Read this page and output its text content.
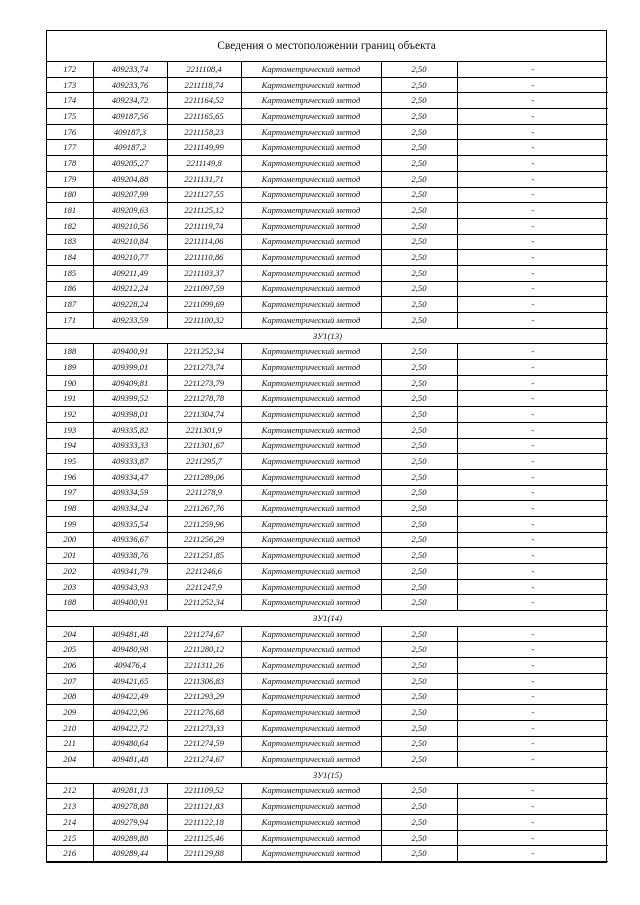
Сведения о местоположении границ объекта
172	409233,74	2211108,4	Картометрический метод	2,50	-
173	409233,76	2211118,74	Картометрический метод	2,50	-
174	409234,72	2211164,52	Картометрический метод	2,50	-
175	409187,56	2211165,65	Картометрический метод	2,50	-
176	409187,3	2211158,23	Картометрический метод	2,50	-
177	409187,2	2211149,99	Картометрический метод	2,50	-
178	409205,27	2211149,8	Картометрический метод	2,50	-
179	409204,88	2211131,71	Картометрический метод	2,50	-
180	409207,99	2211127,55	Картометрический метод	2,50	-
181	409209,63	2211125,12	Картометрический метод	2,50	-
182	409210,56	2211119,74	Картометрический метод	2,50	-
183	409210,84	2211114,06	Картометрический метод	2,50	-
184	409210,77	2211110,86	Картометрический метод	2,50	-
185	409211,49	2211103,37	Картометрический метод	2,50	-
186	409212,24	2211097,59	Картометрический метод	2,50	-
187	409228,24	2211099,69	Картометрический метод	2,50	-
171	409233,59	2211100,32	Картометрический метод	2,50	-
ЗУ1(13)					
188	409400,91	2211252,34	Картометрический метод	2,50	-
189	409399,01	2211273,74	Картометрический метод	2,50	-
190	409409,81	2211273,79	Картометрический метод	2,50	-
191	409399,52	2211278,78	Картометрический метод	2,50	-
192	409398,01	2211304,74	Картометрический метод	2,50	-
193	409335,82	2211301,9	Картометрический метод	2,50	-
194	409333,33	2211301,67	Картометрический метод	2,50	-
195	409333,87	2211295,7	Картометрический метод	2,50	-
196	409334,47	2211289,06	Картометрический метод	2,50	-
197	409334,59	2211278,9	Картометрический метод	2,50	-
198	409334,24	2211267,76	Картометрический метод	2,50	-
199	409335,54	2211259,96	Картометрический метод	2,50	-
200	409336,67	2211256,29	Картометрический метод	2,50	-
201	409338,76	2211251,85	Картометрический метод	2,50	-
202	409341,79	2211246,6	Картометрический метод	2,50	-
203	409343,93	2211247,9	Картометрический метод	2,50	-
188	409400,91	2211252,34	Картометрический метод	2,50	-
ЗУ1(14)					
204	409481,48	2211274,67	Картометрический метод	2,50	-
205	409480,98	2211280,12	Картометрический метод	2,50	-
206	409476,4	2211311,26	Картометрический метод	2,50	-
207	409421,65	2211306,83	Картометрический метод	2,50	-
208	409422,49	2211293,29	Картометрический метод	2,50	-
209	409422,96	2211276,68	Картометрический метод	2,50	-
210	409422,72	2211273,33	Картометрический метод	2,50	-
211	409480,64	2211274,59	Картометрический метод	2,50	-
204	409481,48	2211274,67	Картометрический метод	2,50	-
ЗУ1(15)					
212	409281,13	2211109,52	Картометрический метод	2,50	-
213	409278,88	2211121,83	Картометрический метод	2,50	-
214	409279,94	2211122,18	Картометрический метод	2,50	-
215	409289,88	2211125,46	Картометрический метод	2,50	-
216	409289,44	2211129,88	Картометрический метод	2,50	-
